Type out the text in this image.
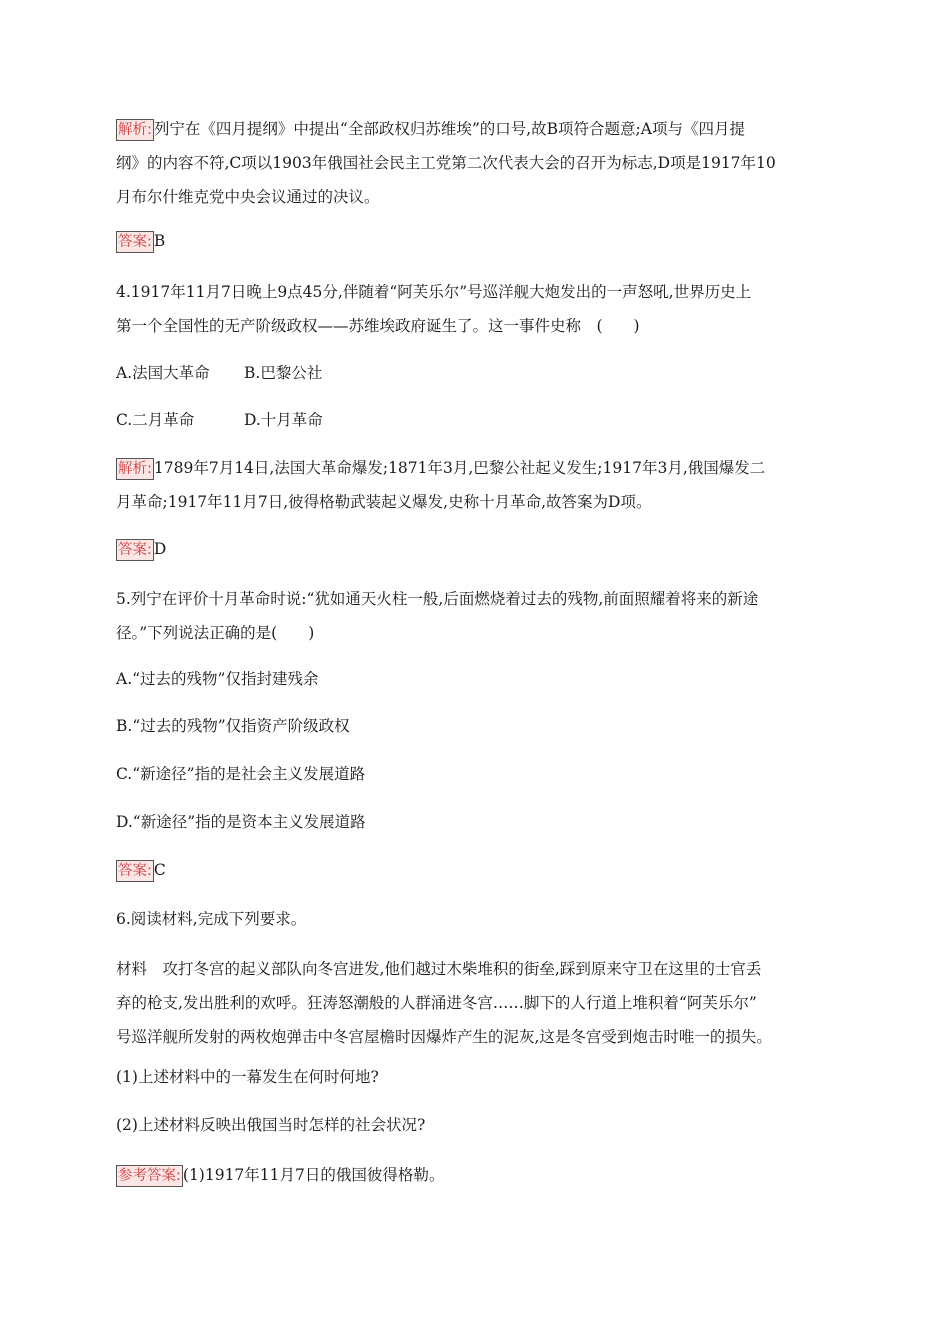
解析: 列宁在《四月提纲》中提出“全部政权归苏维埃”的口号,故B项符合题意;A项与《四月提
纲》的内容不符,C项以1903年俄国社会民主工党第二次代表大会的召开为标志,D项是1917年10
月布尔什维克党中央会议通过的决议。
答案: B
4.1917年11月7日晚上9点45分,伴随着“阿芙乐尔”号巡洋舰大炮发出的一声怒吼,世界历史上
第一个全国性的无产阶级政权——苏维埃政府诞生了。这一事件史称　(　　)
A.法国大革命 B.巴黎公社
C.二月革命	D.十月革命
解析: 1789年7月14日,法国大革命爆发;1871年3月,巴黎公社起义发生;1917年3月,俄国爆发二
月革命;1917年11月7日,彼得格勒武装起义爆发,史称十月革命,故答案为D项。
答案: D
5.列宁在评价十月革命时说:“犹如通天火柱一般,后面燃烧着过去的残物,前面照耀着将来的新途
径。”下列说法正确的是(　　)
A.“过去的残物”仅指封建残余
B.“过去的残物”仅指资产阶级政权
C.“新途径”指的是社会主义发展道路
D.“新途径”指的是资本主义发展道路
答案: C
6.阅读材料,完成下列要求。
材料　攻打冬宫的起义部队向冬宫进发,他们越过木柴堆积的街垒,踩到原来守卫在这里的士官丢
弃的枪支,发出胜利的欢呼。狂涛怒潮般的人群涌进冬宫……脚下的人行道上堆积着“阿芙乐尔”
号巡洋舰所发射的两枚炮弹击中冬宫屋檐时因爆炸产生的泥灰,这是冬宫受到炮击时唯一的损失。
(1)上述材料中的一幕发生在何时何地?
(2)上述材料反映出俄国当时怎样的社会状况?
参考答案: (1)1917年11月7日的俄国彼得格勒。
